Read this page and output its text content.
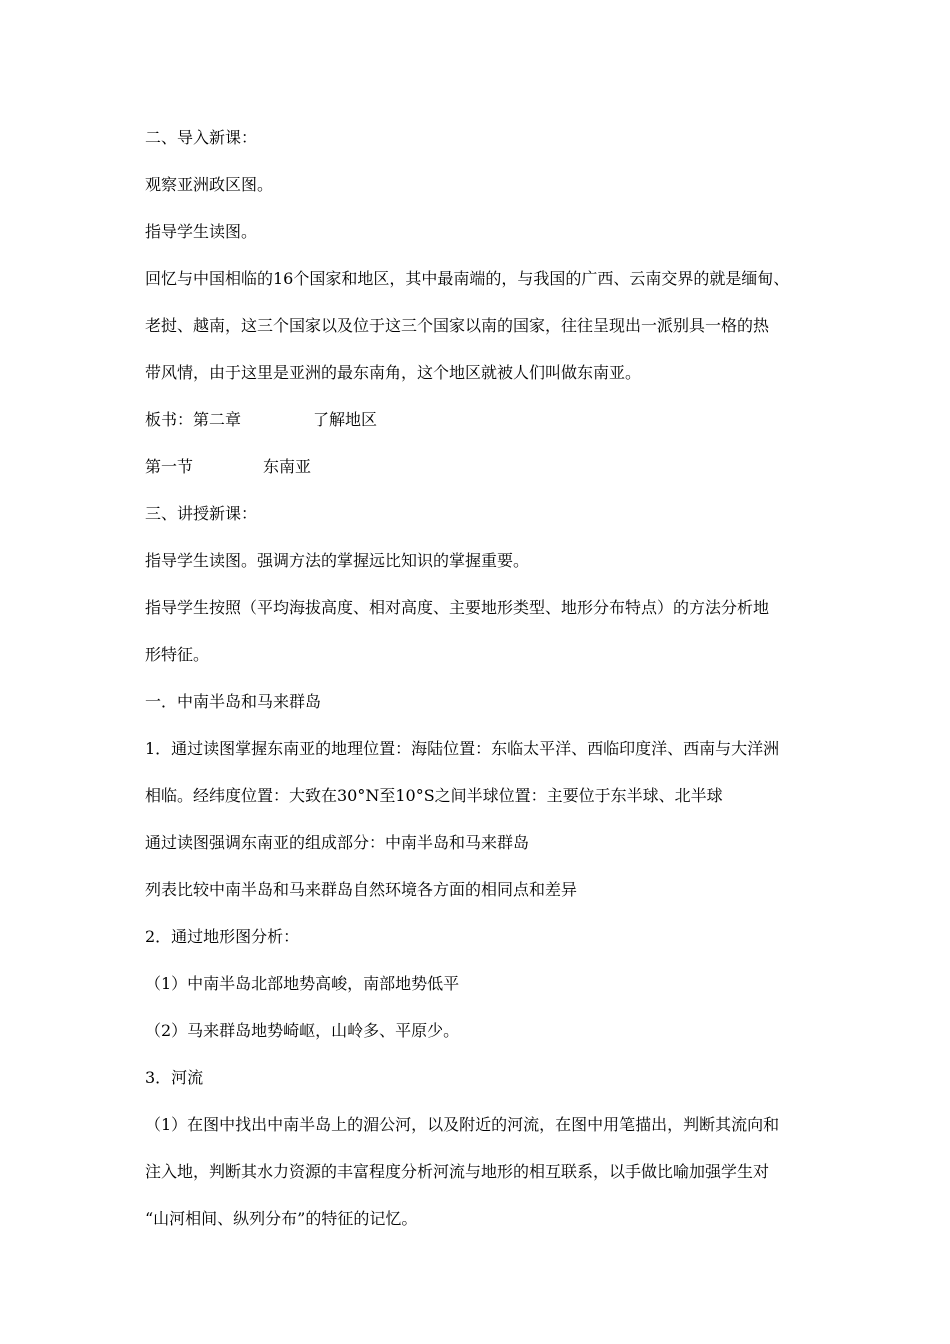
二、导入新课：

观察亚洲政区图。

指导学生读图。

回忆与中国相临的16个国家和地区，其中最南端的，与我国的广西、云南交界的就是缅甸、

老挝、越南，这三个国家以及位于这三个国家以南的国家，往往呈现出一派别具一格的热

带风情，由于这里是亚洲的最东南角，这个地区就被人们叫做东南亚。

板书：第二章	了解地区

第一节	东南亚

三、讲授新课：

指导学生读图。强调方法的掌握远比知识的掌握重要。

指导学生按照（平均海拔高度、相对高度、主要地形类型、地形分布特点）的方法分析地

形特征。

一．中南半岛和马来群岛

1．通过读图掌握东南亚的地理位置：海陆位置：东临太平洋、西临印度洋、西南与大洋洲

相临。经纬度位置：大致在30°N至10°S之间半球位置：主要位于东半球、北半球

通过读图强调东南亚的组成部分：中南半岛和马来群岛

列表比较中南半岛和马来群岛自然环境各方面的相同点和差异

2．通过地形图分析：

（1）中南半岛北部地势高峻，南部地势低平

（2）马来群岛地势崎岖，山岭多、平原少。

3．河流

（1）在图中找出中南半岛上的湄公河，以及附近的河流，在图中用笔描出，判断其流向和

注入地，判断其水力资源的丰富程度分析河流与地形的相互联系，以手做比喻加强学生对

“山河相间、纵列分布”的特征的记忆。
